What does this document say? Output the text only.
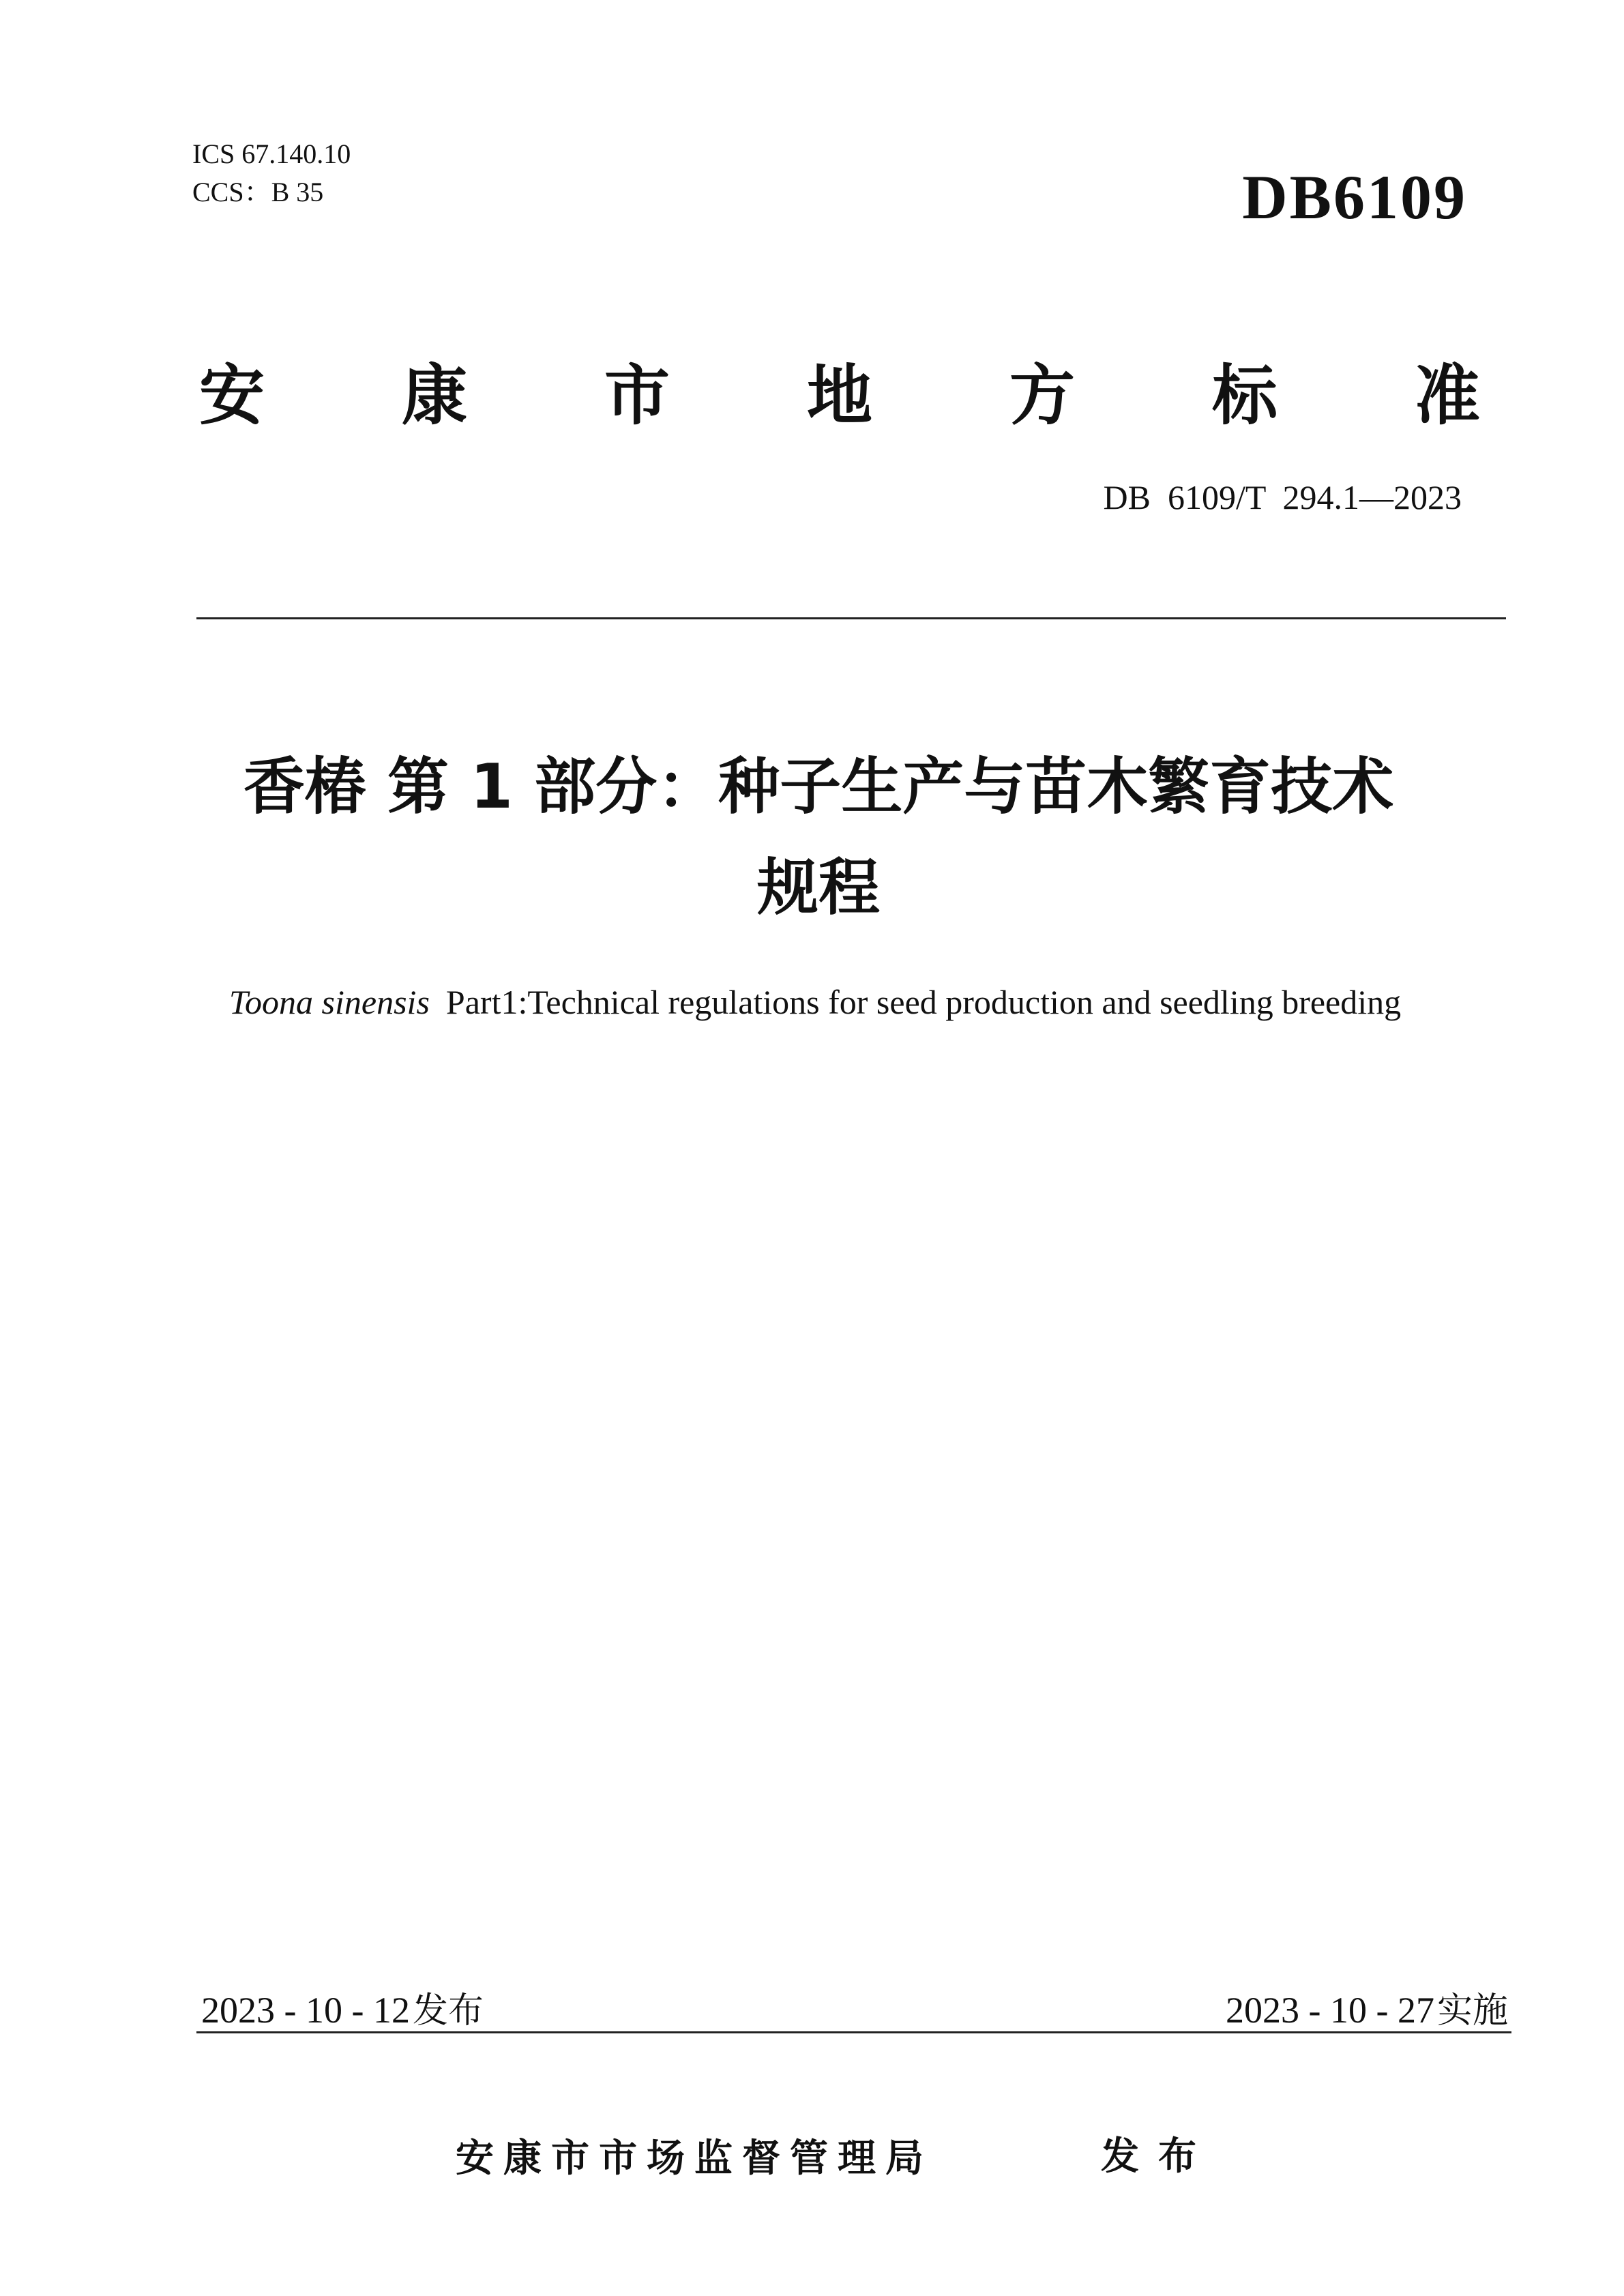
ICS 67.140.10
CCS：B 35	DB6109
安 康 市 地 方 标 准
DB  6109/T  294.1—2023
香椿 第 1 部分：种子生产与苗木繁育技术
规程
Toona sinensis Part1:Technical regulations for seed production and seedling breeding
2023 - 10 - 12发布	2023 - 10 - 27实施
安康市市场监督管理局	发布
